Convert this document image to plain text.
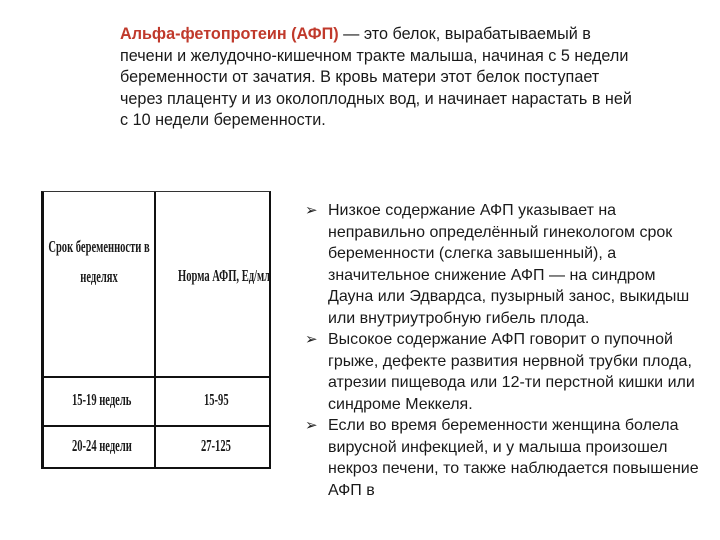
Альфа-фетопротеин (АФП) — это белок, вырабатываемый в печени и желудочно-кишечном тракте малыша, начиная с 5 недели беременности от зачатия. В кровь матери этот белок поступает через плаценту и из околоплодных вод, и начинает нарастать в ней с 10 недели беременности.
Срок беременности в неделях	Норма АФП, Ед/мл
15-19 недель	15-95
20-24 недели	27-125
➢ Низкое содержание АФП указывает на неправильно определённый гинекологом срок беременности (слегка завышенный), а значительное снижение АФП — на синдром Дауна или Эдвардса, пузырный занос, выкидыш или внутриутробную гибель плода.
➢ Высокое содержание АФП говорит о пупочной грыже, дефекте развития нервной трубки плода, атрезии пищевода или 12-ти перстной кишки или синдроме Меккеля.
➢ Если во время беременности женщина болела вирусной инфекцией, и у малыша произошел некроз печени, то также наблюдается повышение АФП в
